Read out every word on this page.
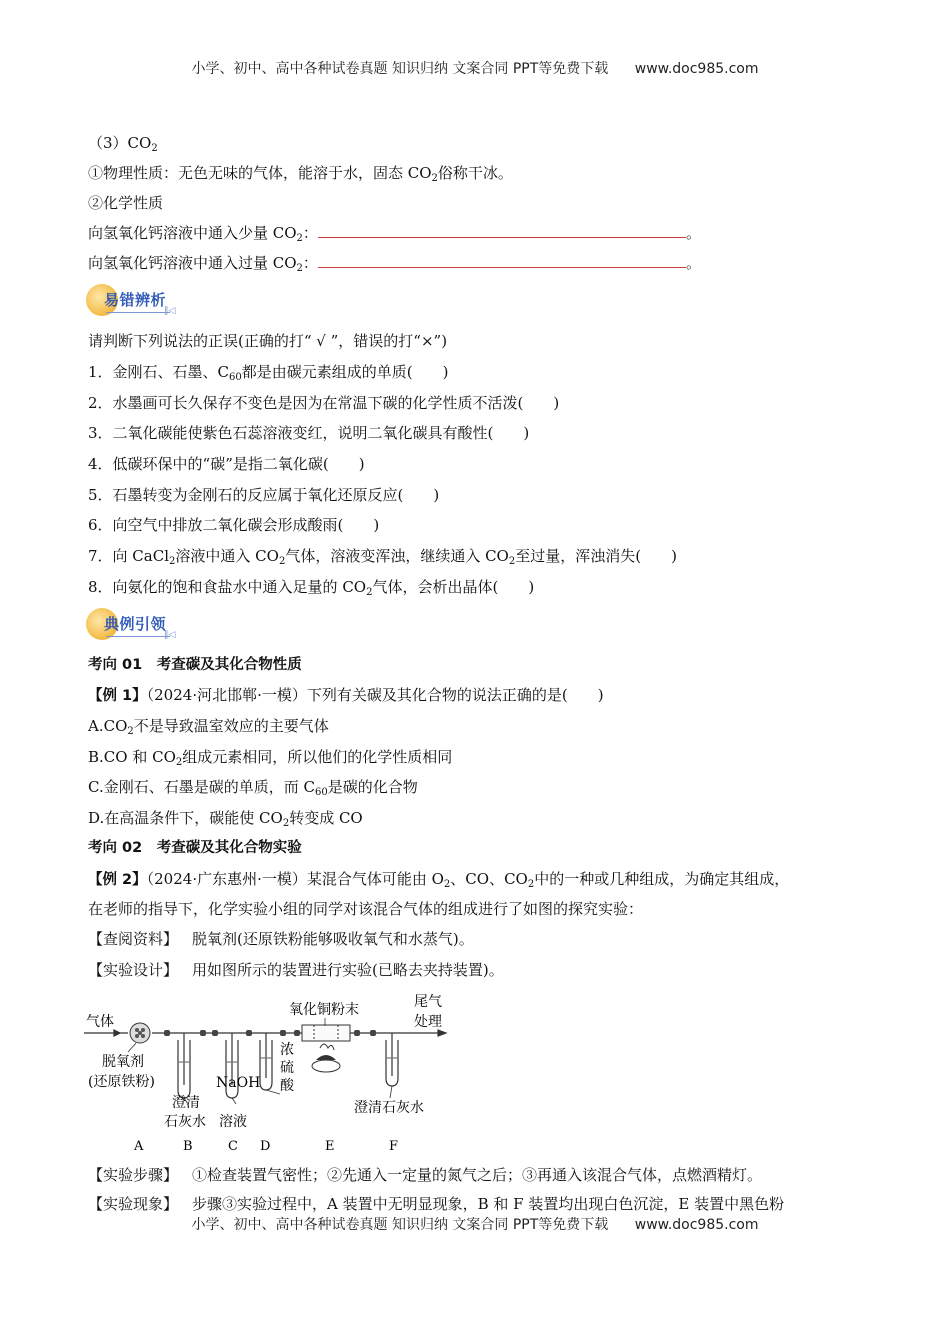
小学、初中、高中各种试卷真题 知识归纳 文案合同 PPT等免费下载 www.doc985.com
$(3)CO_2$
①物理性质：无色无味的气体，能溶于水，固态 $CO_2$俗称干冰。
②化学性质
向氢氧化钙溶液中通入少量 $CO_2$：	。
向氢氧化钙溶液中通入过量 $CO_2$：	。
易错辨析
‖◁
请判断下列说法的正误(正确的打“ √ ”，错误的打“×”)
1．金刚石、石墨、$C_{60}$都是由碳元素组成的单质(　　)
2．水墨画可长久保存不变色是因为在常温下碳的化学性质不活泼(　　)
3．二氧化碳能使紫色石蕊溶液变红，说明二氧化碳具有酸性(　　)
4．低碳环保中的“碳”是指二氧化碳(　　)
5．石墨转变为金刚石的反应属于氧化还原反应(　　)
6．向空气中排放二氧化碳会形成酸雨(　　)
7．向 CaCl$_2$溶液中通入 $CO_2$气体，溶液变浑浊，继续通入 $CO_2$至过量，浑浊消失(　　)
8．向氨化的饱和食盐水中通入足量的 $CO_2$气体，会析出晶体(　　)
典例引领
‖◁
考向 01　考查碳及其化合物性质
【例 1】（2024·河北邯郸·一模）下列有关碳及其化合物的说法正确的是(　　)
$A.CO_2$不是导致温室效应的主要气体
B.CO 和 $CO_2$组成元素相同，所以他们的化学性质相同
C.金刚石、石墨是碳的单质，而 $C_{60}$是碳的化合物
D.在高温条件下，碳能使 $CO_2$转变成 CO
考向 02　考查碳及其化合物实验
【例 2】（2024·广东惠州·一模）某混合气体可能由 $O_2$、CO、$CO_2$中的一种或几种组成，为确定其组成，
在老师的指导下，化学实验小组的同学对该混合气体的组成进行了如图的探究实验：
【查阅资料】 脱氧剂(还原铁粉能够吸收氧气和水蒸气)。
【实验设计】 用如图所示的装置进行实验(已略去夹持装置)。
气体
氧化铜粉末	尾气
处理
脱氧剂
(还原铁粉)
澄清
石灰水
NaOH
溶液
浓
硫
酸
澄清石灰水
A	B	C D	E	F
【实验步骤】 ①检查装置气密性；②先通入一定量的氮气之后；③再通入该混合气体，点燃酒精灯。
【实验现象】 步骤③实验过程中，A 装置中无明显现象，B 和 F 装置均出现白色沉淀，E 装置中黑色粉
小学、初中、高中各种试卷真题 知识归纳 文案合同 PPT等免费下载 www.doc985.com
